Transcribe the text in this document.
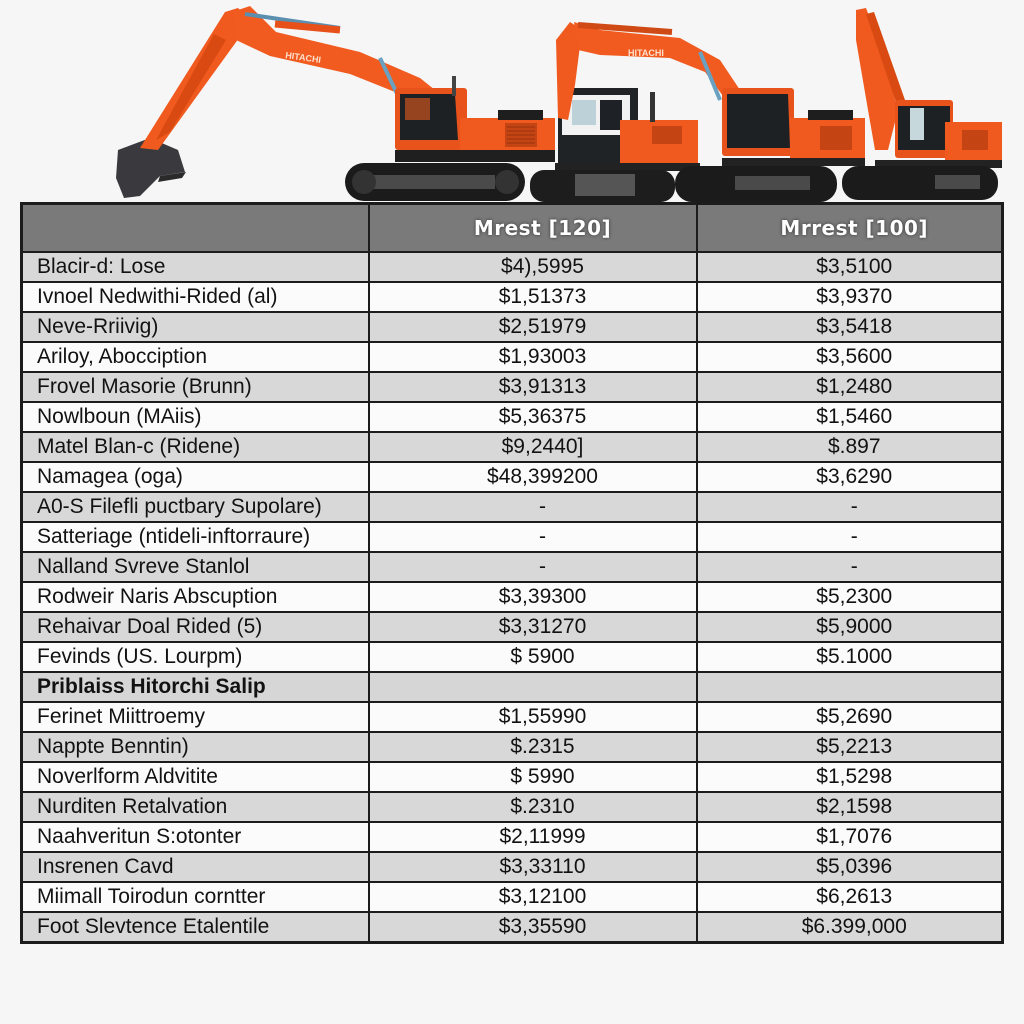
HITACHI	HITACHI
	Mrest [120]	Mrrest [100]
Blacir-d: Lose	$4),5995	$3,5100
Ivnoel Nedwithi-Rided (al)	$1,51373	$3,9370
Neve-Rriivig)	$2,51979	$3,5418
Ariloy, Abocciption	$1,93003	$3,5600
Frovel Masorie (Brunn)	$3,91313	$1,2480
Nowlboun (MAiis)	$5,36375	$1,5460
Matel Blan-c (Ridene)	$9,2440]	$.897
Namagea (oga)	$48,399200	$3,6290
A0-S Filefli puctbary Supolare)	-	-
Satteriage (ntideli-inftorraure)	-	-
Nalland Svreve Stanlol	-	-
Rodweir Naris Abscuption	$3,39300	$5,2300
Rehaivar Doal Rided (5)	$3,31270	$5,9000
Fevinds (US. Lourpm)	$ 5900	$5.1000
Priblaiss Hitorchi Salip		
Ferinet Miittroemy	$1,55990	$5,2690
Nappte Benntin)	$.2315	$5,2213
Noverlform Aldvitite	$ 5990	$1,5298
Nurditen Retalvation	$.2310	$2,1598
Naahveritun S:otonter	$2,11999	$1,7076
Insrenen Cavd	$3,33110	$5,0396
Miimall Toirodun corntter	$3,12100	$6,2613
Foot Slevtence Etalentile	$3,35590	$6.399,000
